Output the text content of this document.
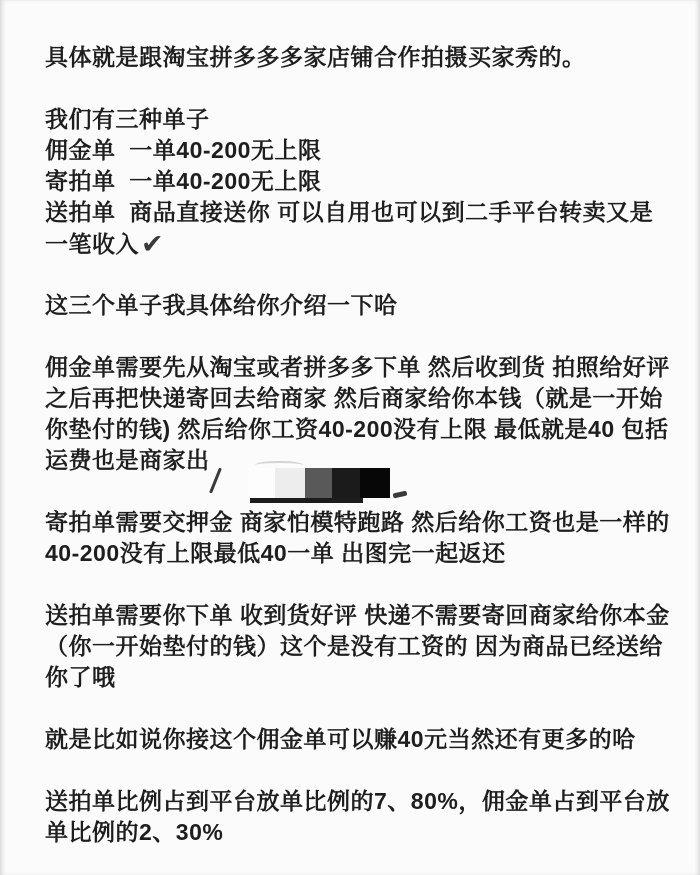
具体就是跟淘宝拼多多多家店铺合作拍摄买家秀的。
我们有三种单子
佣金单  一单40-200无上限
寄拍单  一单40-200无上限
送拍单  商品直接送你 可以自用也可以到二手平台转卖又是
一笔收入✔
这三个单子我具体给你介绍一下哈
佣金单需要先从淘宝或者拼多多下单 然后收到货 拍照给好评
之后再把快递寄回去给商家 然后商家给你本钱（就是一开始
你垫付的钱) 然后给你工资40-200没有上限 最低就是40 包括
运费也是商家出
寄拍单需要交押金 商家怕模特跑路 然后给你工资也是一样的
40-200没有上限最低40一单 出图完一起返还
送拍单需要你下单 收到货好评 快递不需要寄回商家给你本金
（你一开始垫付的钱）这个是没有工资的 因为商品已经送给
你了哦
就是比如说你接这个佣金单可以赚40元当然还有更多的哈
送拍单比例占到平台放单比例的7、80%，佣金单占到平台放
单比例的2、30%
